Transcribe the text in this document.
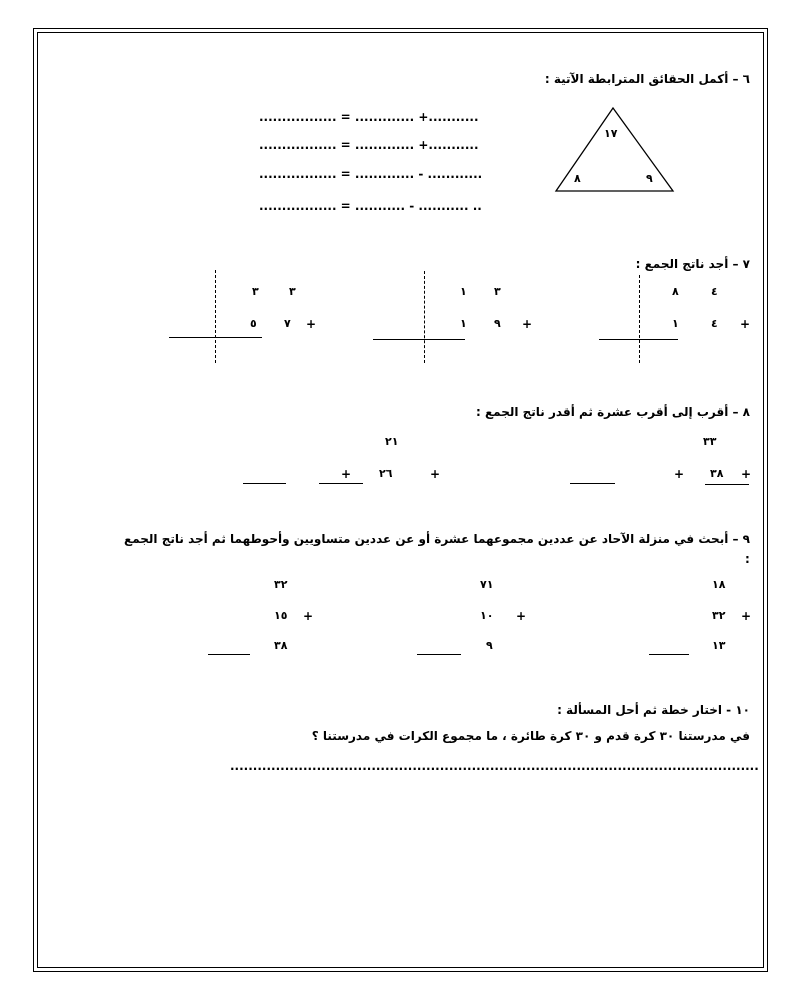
٦ – أكمل الحقائق المترابطة الآتية :
١٧
٨	٩
................. = ............. +...........
................. = ............. +...........
................. = ............. - ............
................. = ........... - ........... ..
٧ – أجد ناتج الجمع :
٤
٨
+
٤
١
٣
١
+
٩
١
٣
٣
+
٧
٥
٨ – أقرب إلى أقرب عشرة ثم أقدر ناتج الجمع :
٣٣
+
٣٨
+
٢١
+
٢٦
+
٩ – أبحث في منزلة الآحاد عن عددين مجموعهما عشرة أو عن عددين متساويين وأحوطهما ثم أجد ناتج الجمع
:
١٨
٣٢ +
١٣
٧١
١٠ +
٩
٣٢
١٥ +
٣٨
١٠ - اختار خطة ثم أحل المسألة :
في مدرستنا ٣٠ كرة قدم و ٣٠ كرة طائرة ، ما مجموع الكرات في مدرستنا ؟
....................................................................................................................
